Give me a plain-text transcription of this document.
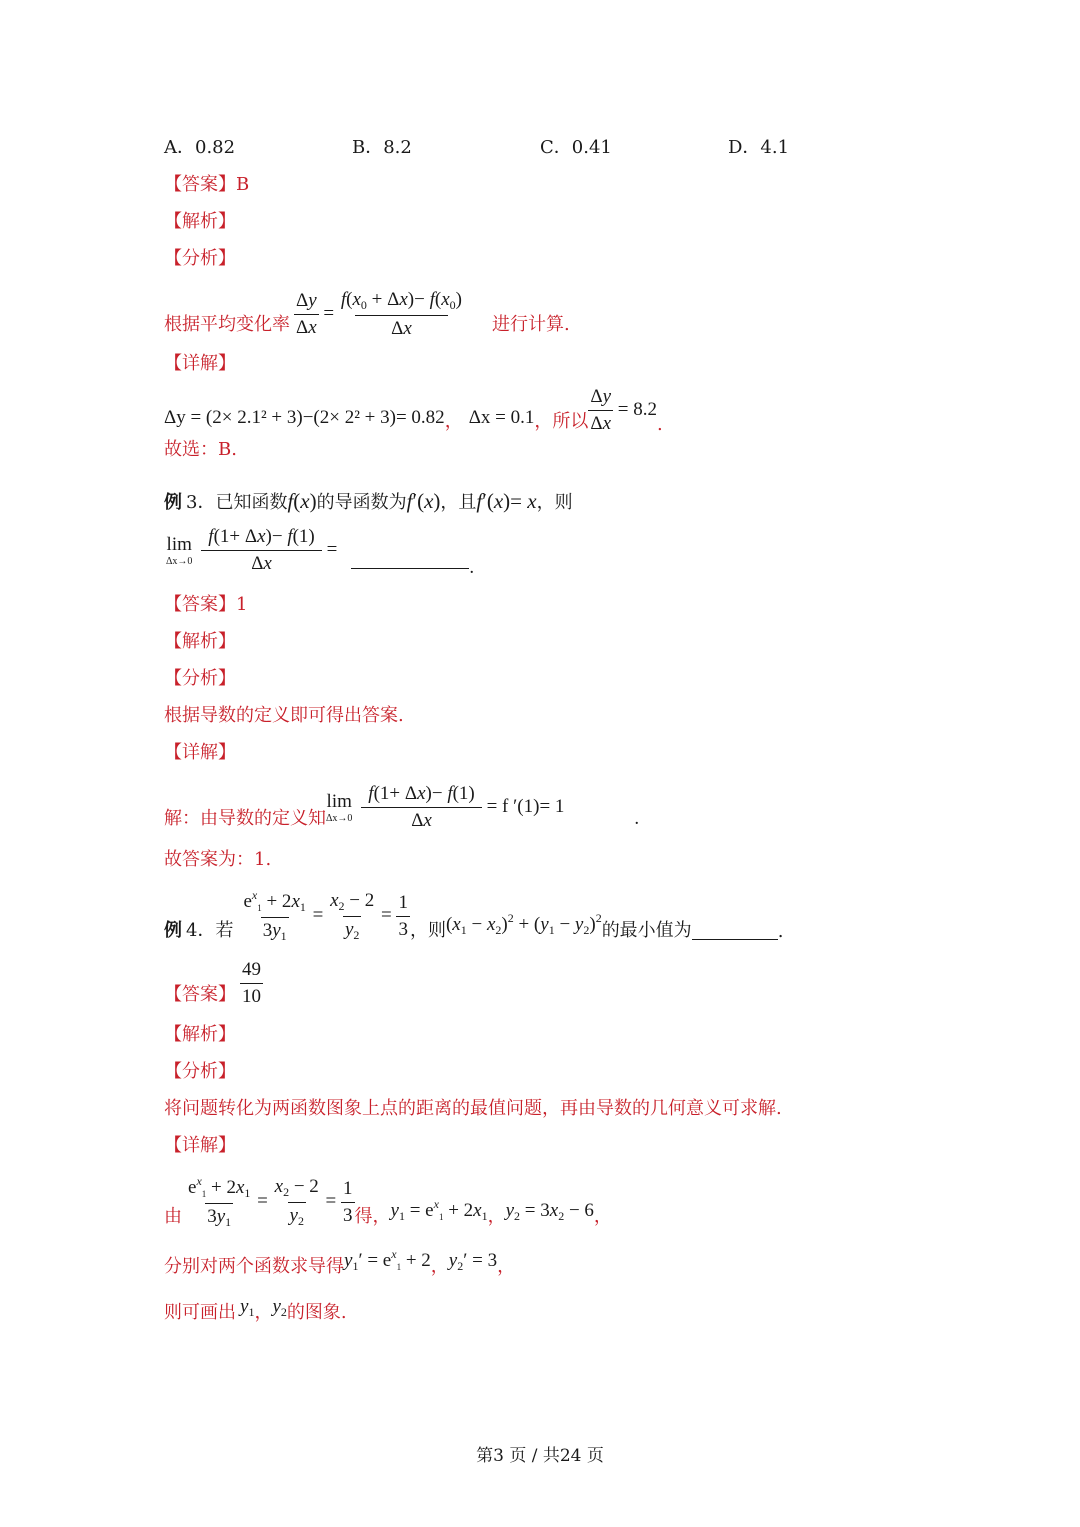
A．0.82	B．8.2	C．0.41	D．4.1
【答案】B
【解析】
【分析】
根据平均变化率 $\frac{\Delta y}{\Delta x} = \frac{f(x_0 + \Delta x)- f(x_0)}{\Delta x}$ 进行计算.
【详解】
Δy = (2× 2.1² + 3)−(2× 2² + 3)= 0.82 ， Δx = 0.1 ， 所以 $\frac{\Delta y}{\Delta x} = 8.2$
.
故选：B.
例 3． 已知函数 f(x) 的导函数为 f′(x) ，且 f′(x)= x ，则
lim
Δx→0
$\frac{f(1+ \Delta x)- f(1)}{\Delta x}$ =
.
【答案】1
【解析】
【分析】
根据导数的定义即可得出答案.
【详解】
解：由导数的定义知
lim
Δx→0
$\frac{f(1+ \Delta x)- f(1)}{\Delta x} = f$ ′(1)= 1
.
故答案为：1.
例 4． 若 $\frac{e^x_1 + 2x_1}{3y_1} = \frac{x_2 - 2}{y_2} = \frac{1}{3}$ ，则 $(x_1 - x_2)^2 + (y_1 - y_2)^2$
的最小值为	.
【答案】 $\frac{49}{10}$
【解析】
【分析】
将问题转化为两函数图象上点的距离的最值问题，再由导数的几何意义可求解.
【详解】
由 $\frac{e^x_1 + 2x_1}{3y_1} = \frac{x_2 - 2}{y_2} = \frac{1}{3}$ 得， $y_1 = e^x_1 + 2x_1$ ， $y_2 = 3x_2 - 6$ ，
分别对两个函数求导得 $y_1' = e^x_1 + 2$ ， $y_2' = 3$ ，
则可画出 $y_1$ ， $y_2$ 的图象.
第3 页 / 共24 页
